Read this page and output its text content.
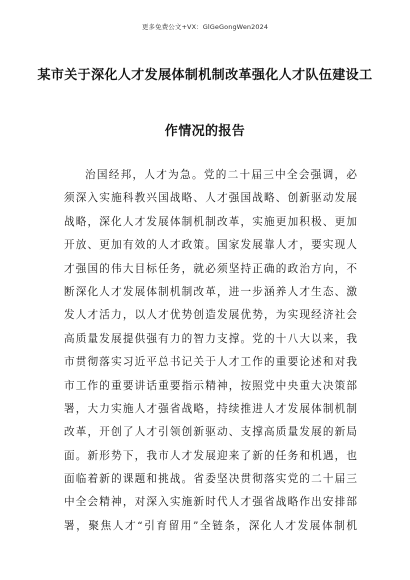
更多免费公文+VX：GlGeGongWen2024
某市关于深化人才发展体制机制改革强化人才队伍建设工
作情况的报告
治国经邦，人才为急。党的二十届三中全会强调，必
须深入实施科教兴国战略、人才强国战略、创新驱动发展
战略，深化人才发展体制机制改革，实施更加积极、更加
开放、更加有效的人才政策。国家发展靠人才，要实现人
才强国的伟大目标任务，就必须坚持正确的政治方向，不
断深化人才发展体制机制改革，进一步涵养人才生态、激
发人才活力，以人才优势创造发展优势，为实现经济社会
高质量发展提供强有力的智力支撑。党的十八大以来，我
市贯彻落实习近平总书记关于人才工作的重要论述和对我
市工作的重要讲话重要指示精神，按照党中央重大决策部
署，大力实施人才强省战略，持续推进人才发展体制机制
改革，开创了人才引领创新驱动、支撑高质量发展的新局
面。新形势下，我市人才发展迎来了新的任务和机遇，也
面临着新的课题和挑战。省委坚决贯彻落实党的二十届三
中全会精神，对深入实施新时代人才强省战略作出安排部
署，聚焦人才“引育留用”全链条，深化人才发展体制机
